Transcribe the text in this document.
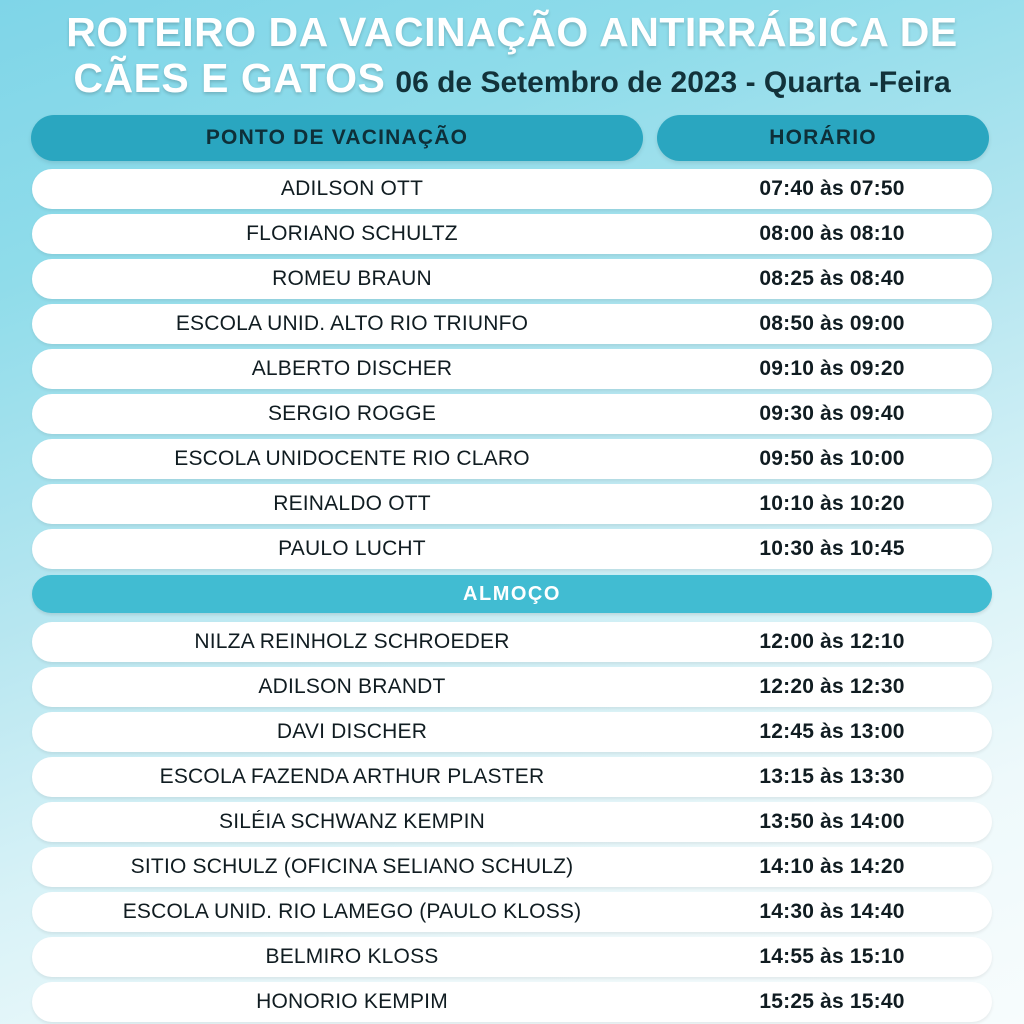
ROTEIRO DA VACINAÇÃO ANTIRRÁBICA DE
CÃES E GATOS 06 de Setembro de 2023 - Quarta -Feira
PONTO DE VACINAÇÃO	HORÁRIO
ADILSON OTT	07:40 às 07:50
FLORIANO SCHULTZ	08:00 às 08:10
ROMEU BRAUN	08:25 às 08:40
ESCOLA UNID. ALTO RIO TRIUNFO	08:50 às 09:00
ALBERTO DISCHER	09:10 às 09:20
SERGIO ROGGE	09:30 às 09:40
ESCOLA UNIDOCENTE RIO CLARO	09:50 às 10:00
REINALDO OTT	10:10 às 10:20
PAULO LUCHT	10:30 às 10:45
ALMOÇO
NILZA REINHOLZ SCHROEDER	12:00 às 12:10
ADILSON BRANDT	12:20 às 12:30
DAVI DISCHER	12:45 às 13:00
ESCOLA FAZENDA ARTHUR PLASTER	13:15 às 13:30
SILÉIA SCHWANZ KEMPIN	13:50 às 14:00
SITIO SCHULZ (OFICINA SELIANO SCHULZ)	14:10 às 14:20
ESCOLA UNID. RIO LAMEGO (PAULO KLOSS)	14:30 às 14:40
BELMIRO KLOSS	14:55 às 15:10
HONORIO KEMPIM	15:25 às 15:40
